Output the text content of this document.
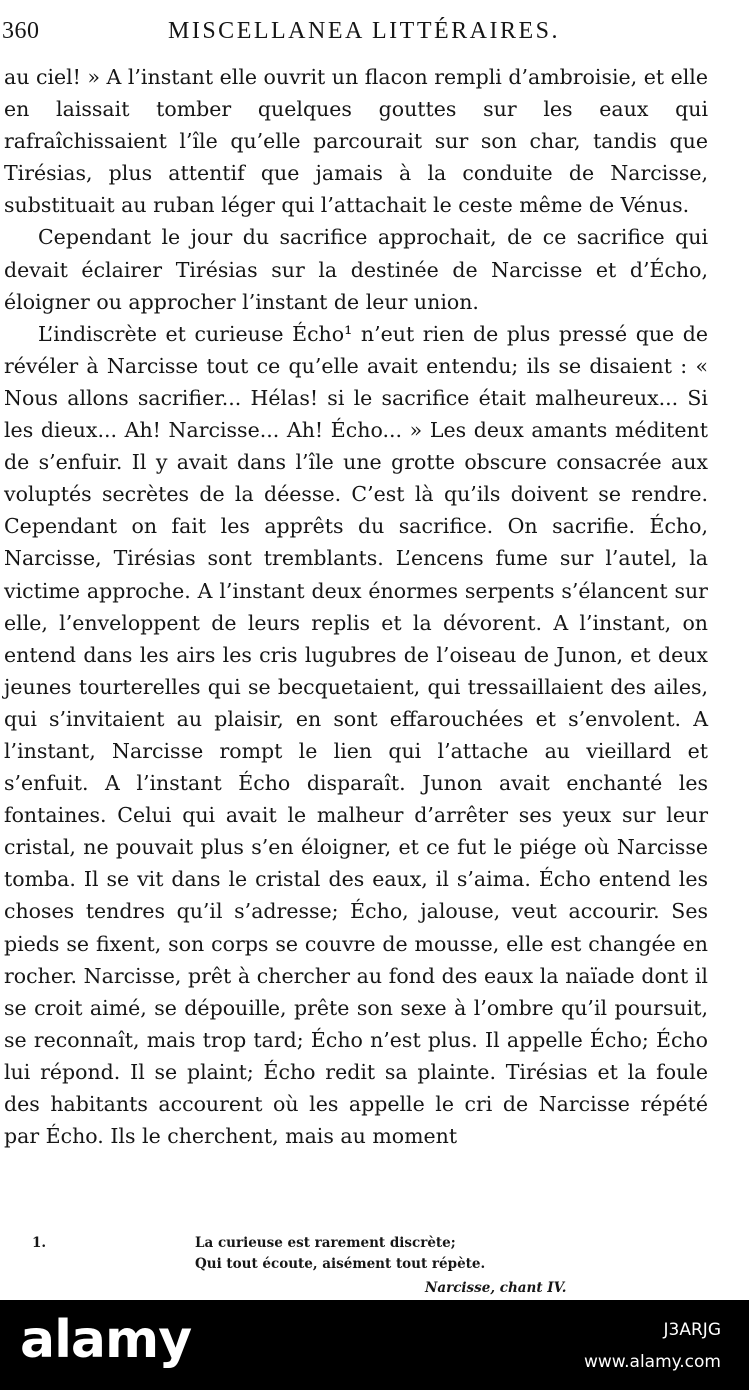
360	MISCELLANEA LITTÉRAIRES.

au ciel! » A l’instant elle ouvrit un flacon rempli d’ambroisie, et elle en laissait tomber quelques gouttes sur les eaux qui rafraîchissaient l’île qu’elle parcourait sur son char, tandis que Tirésias, plus attentif que jamais à la conduite de Narcisse, substituait au ruban léger qui l’attachait le ceste même de Vénus.

Cependant le jour du sacrifice approchait, de ce sacrifice qui devait éclairer Tirésias sur la destinée de Narcisse et d’Écho, éloigner ou approcher l’instant de leur union.

L’indiscrète et curieuse Écho¹ n’eut rien de plus pressé que de révéler à Narcisse tout ce qu’elle avait entendu; ils se disaient : « Nous allons sacrifier... Hélas! si le sacrifice était malheureux... Si les dieux... Ah! Narcisse... Ah! Écho... » Les deux amants méditent de s’enfuir. Il y avait dans l’île une grotte obscure consacrée aux voluptés secrètes de la déesse. C’est là qu’ils doivent se rendre. Cependant on fait les apprêts du sacrifice. On sacrifie. Écho, Narcisse, Tirésias sont tremblants. L’encens fume sur l’autel, la victime approche. A l’instant deux énormes serpents s’élancent sur elle, l’enveloppent de leurs replis et la dévorent. A l’instant, on entend dans les airs les cris lugubres de l’oiseau de Junon, et deux jeunes tourterelles qui se becquetaient, qui tressaillaient des ailes, qui s’invitaient au plaisir, en sont effarouchées et s’envolent. A l’instant, Narcisse rompt le lien qui l’attache au vieillard et s’enfuit. A l’instant Écho disparaît. Junon avait enchanté les fontaines. Celui qui avait le malheur d’arrêter ses yeux sur leur cristal, ne pouvait plus s’en éloigner, et ce fut le piége où Narcisse tomba. Il se vit dans le cristal des eaux, il s’aima. Écho entend les choses tendres qu’il s’adresse; Écho, jalouse, veut accourir. Ses pieds se fixent, son corps se couvre de mousse, elle est changée en rocher. Narcisse, prêt à chercher au fond des eaux la naïade dont il se croit aimé, se dépouille, prête son sexe à l’ombre qu’il poursuit, se reconnaît, mais trop tard; Écho n’est plus. Il appelle Écho; Écho lui répond. Il se plaint; Écho redit sa plainte. Tirésias et la foule des habitants accourent où les appelle le cri de Narcisse répété par Écho. Ils le cherchent, mais au moment

1.	La curieuse est rarement discrète;
Qui tout écoute, aisément tout répète.
Narcisse, chant IV.
alamy	J3ARJG
www.alamy.com
